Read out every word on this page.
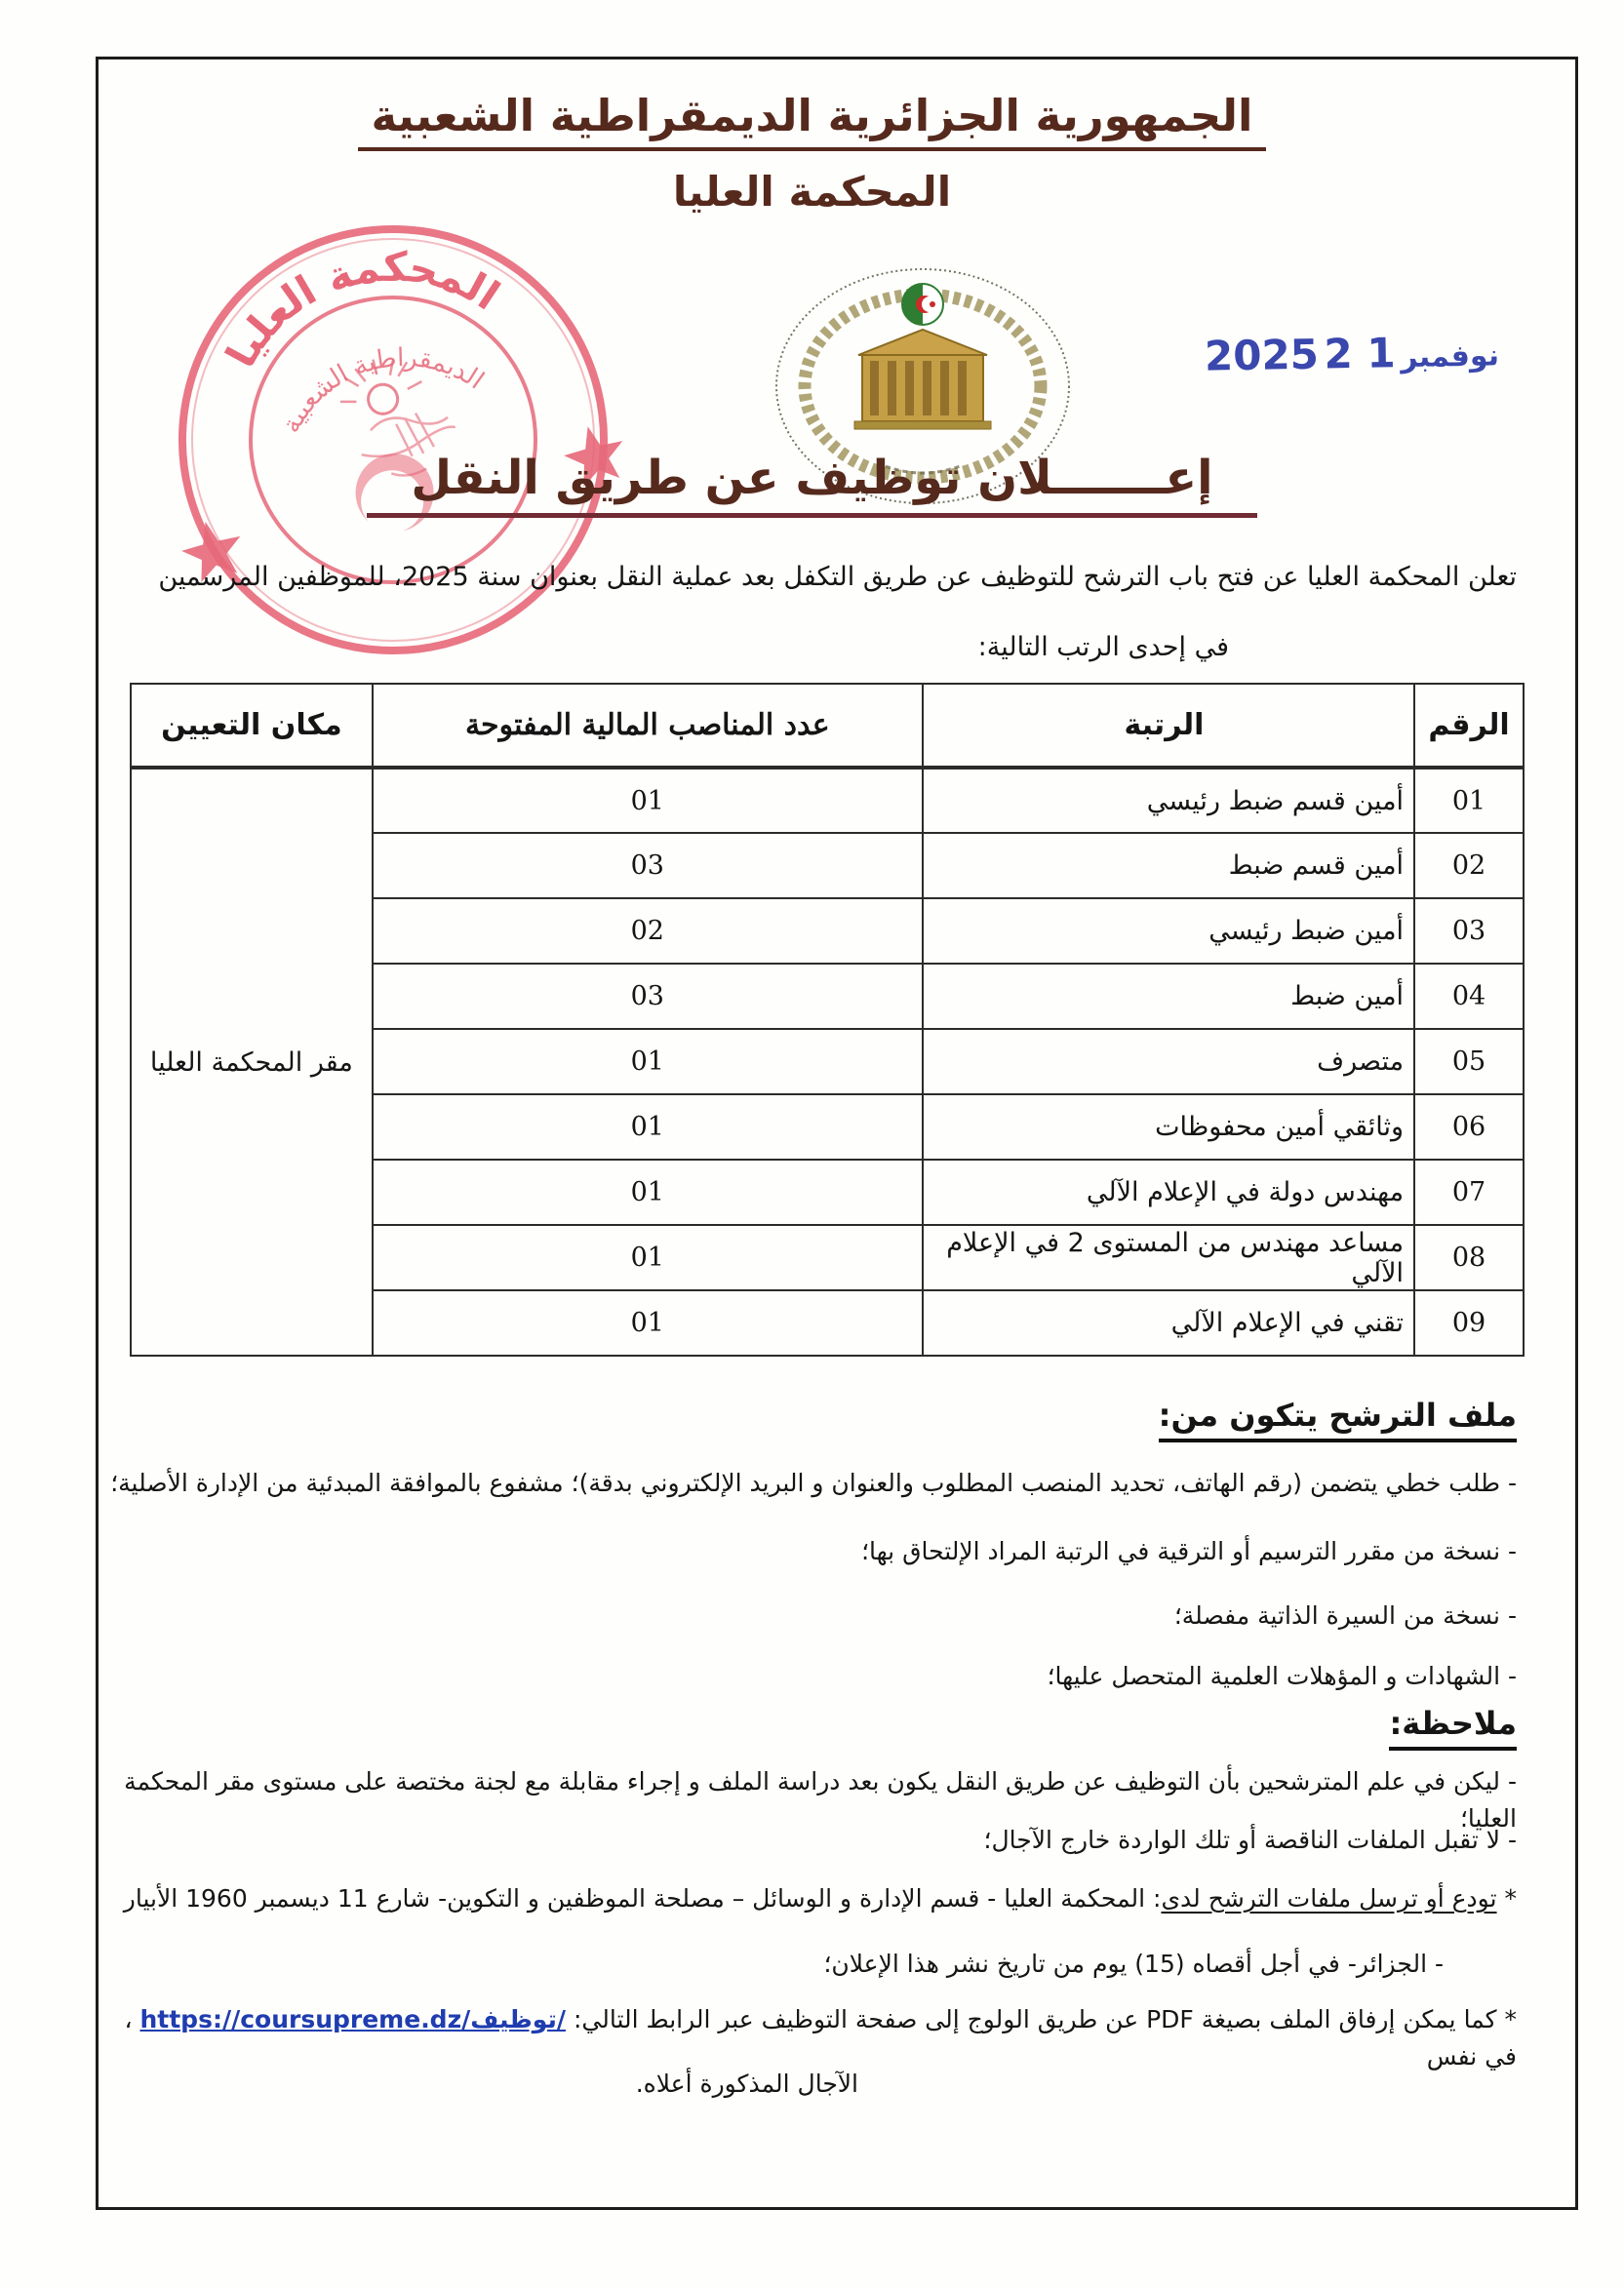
الجمهورية الجزائرية الديمقراطية الشعبية
المحكمة العليا
المحكمة العليا
الديمقراطية الشعبية
2025	نوفمبر 1 2
إعـــــــلان توظيف عن طريق النقل
تعلن المحكمة العليا عن فتح باب الترشح للتوظيف عن طريق التكفل بعد عملية النقل بعنوان سنة 2025، للموظفين المرسمين
في إحدى الرتب التالية:
الرقم	الرتبة	عدد المناصب المالية المفتوحة	مكان التعيين
01	أمين قسم ضبط رئيسي	01	مقر المحكمة العليا
02	أمين قسم ضبط	03	
03	أمين ضبط رئيسي	02	
04	أمين ضبط	03	
05	متصرف	01	
06	وثائقي أمين محفوظات	01	
07	مهندس دولة في الإعلام الآلي	01	
08	مساعد مهندس من المستوى 2 في الإعلام الآلي	01	
09	تقني في الإعلام الآلي	01	
ملف الترشح يتكون من:
- طلب خطي يتضمن (رقم الهاتف، تحديد المنصب المطلوب والعنوان و البريد الإلكتروني بدقة)؛ مشفوع بالموافقة المبدئية من الإدارة الأصلية؛
- نسخة من مقرر الترسيم أو الترقية في الرتبة المراد الإلتحاق بها؛
- نسخة من السيرة الذاتية مفصلة؛
- الشهادات و المؤهلات العلمية المتحصل عليها؛
ملاحظة:
- ليكن في علم المترشحين بأن التوظيف عن طريق النقل يكون بعد دراسة الملف و إجراء مقابلة مع لجنة مختصة على مستوى مقر المحكمة العليا؛
- لا تقبل الملفات الناقصة أو تلك الواردة خارج الآجال؛
* تودع أو ترسل ملفات الترشح لدى: المحكمة العليا - قسم الإدارة و الوسائل – مصلحة الموظفين و التكوين- شارع 11 ديسمبر 1960 الأبيار
- الجزائر- في أجل أقصاه (15) يوم من تاريخ نشر هذا الإعلان؛
* كما يمكن إرفاق الملف بصيغة PDF عن طريق الولوج إلى صفحة التوظيف عبر الرابط التالي: /توظيف/https://coursupreme.dz ، في نفس
الآجال المذكورة أعلاه.
